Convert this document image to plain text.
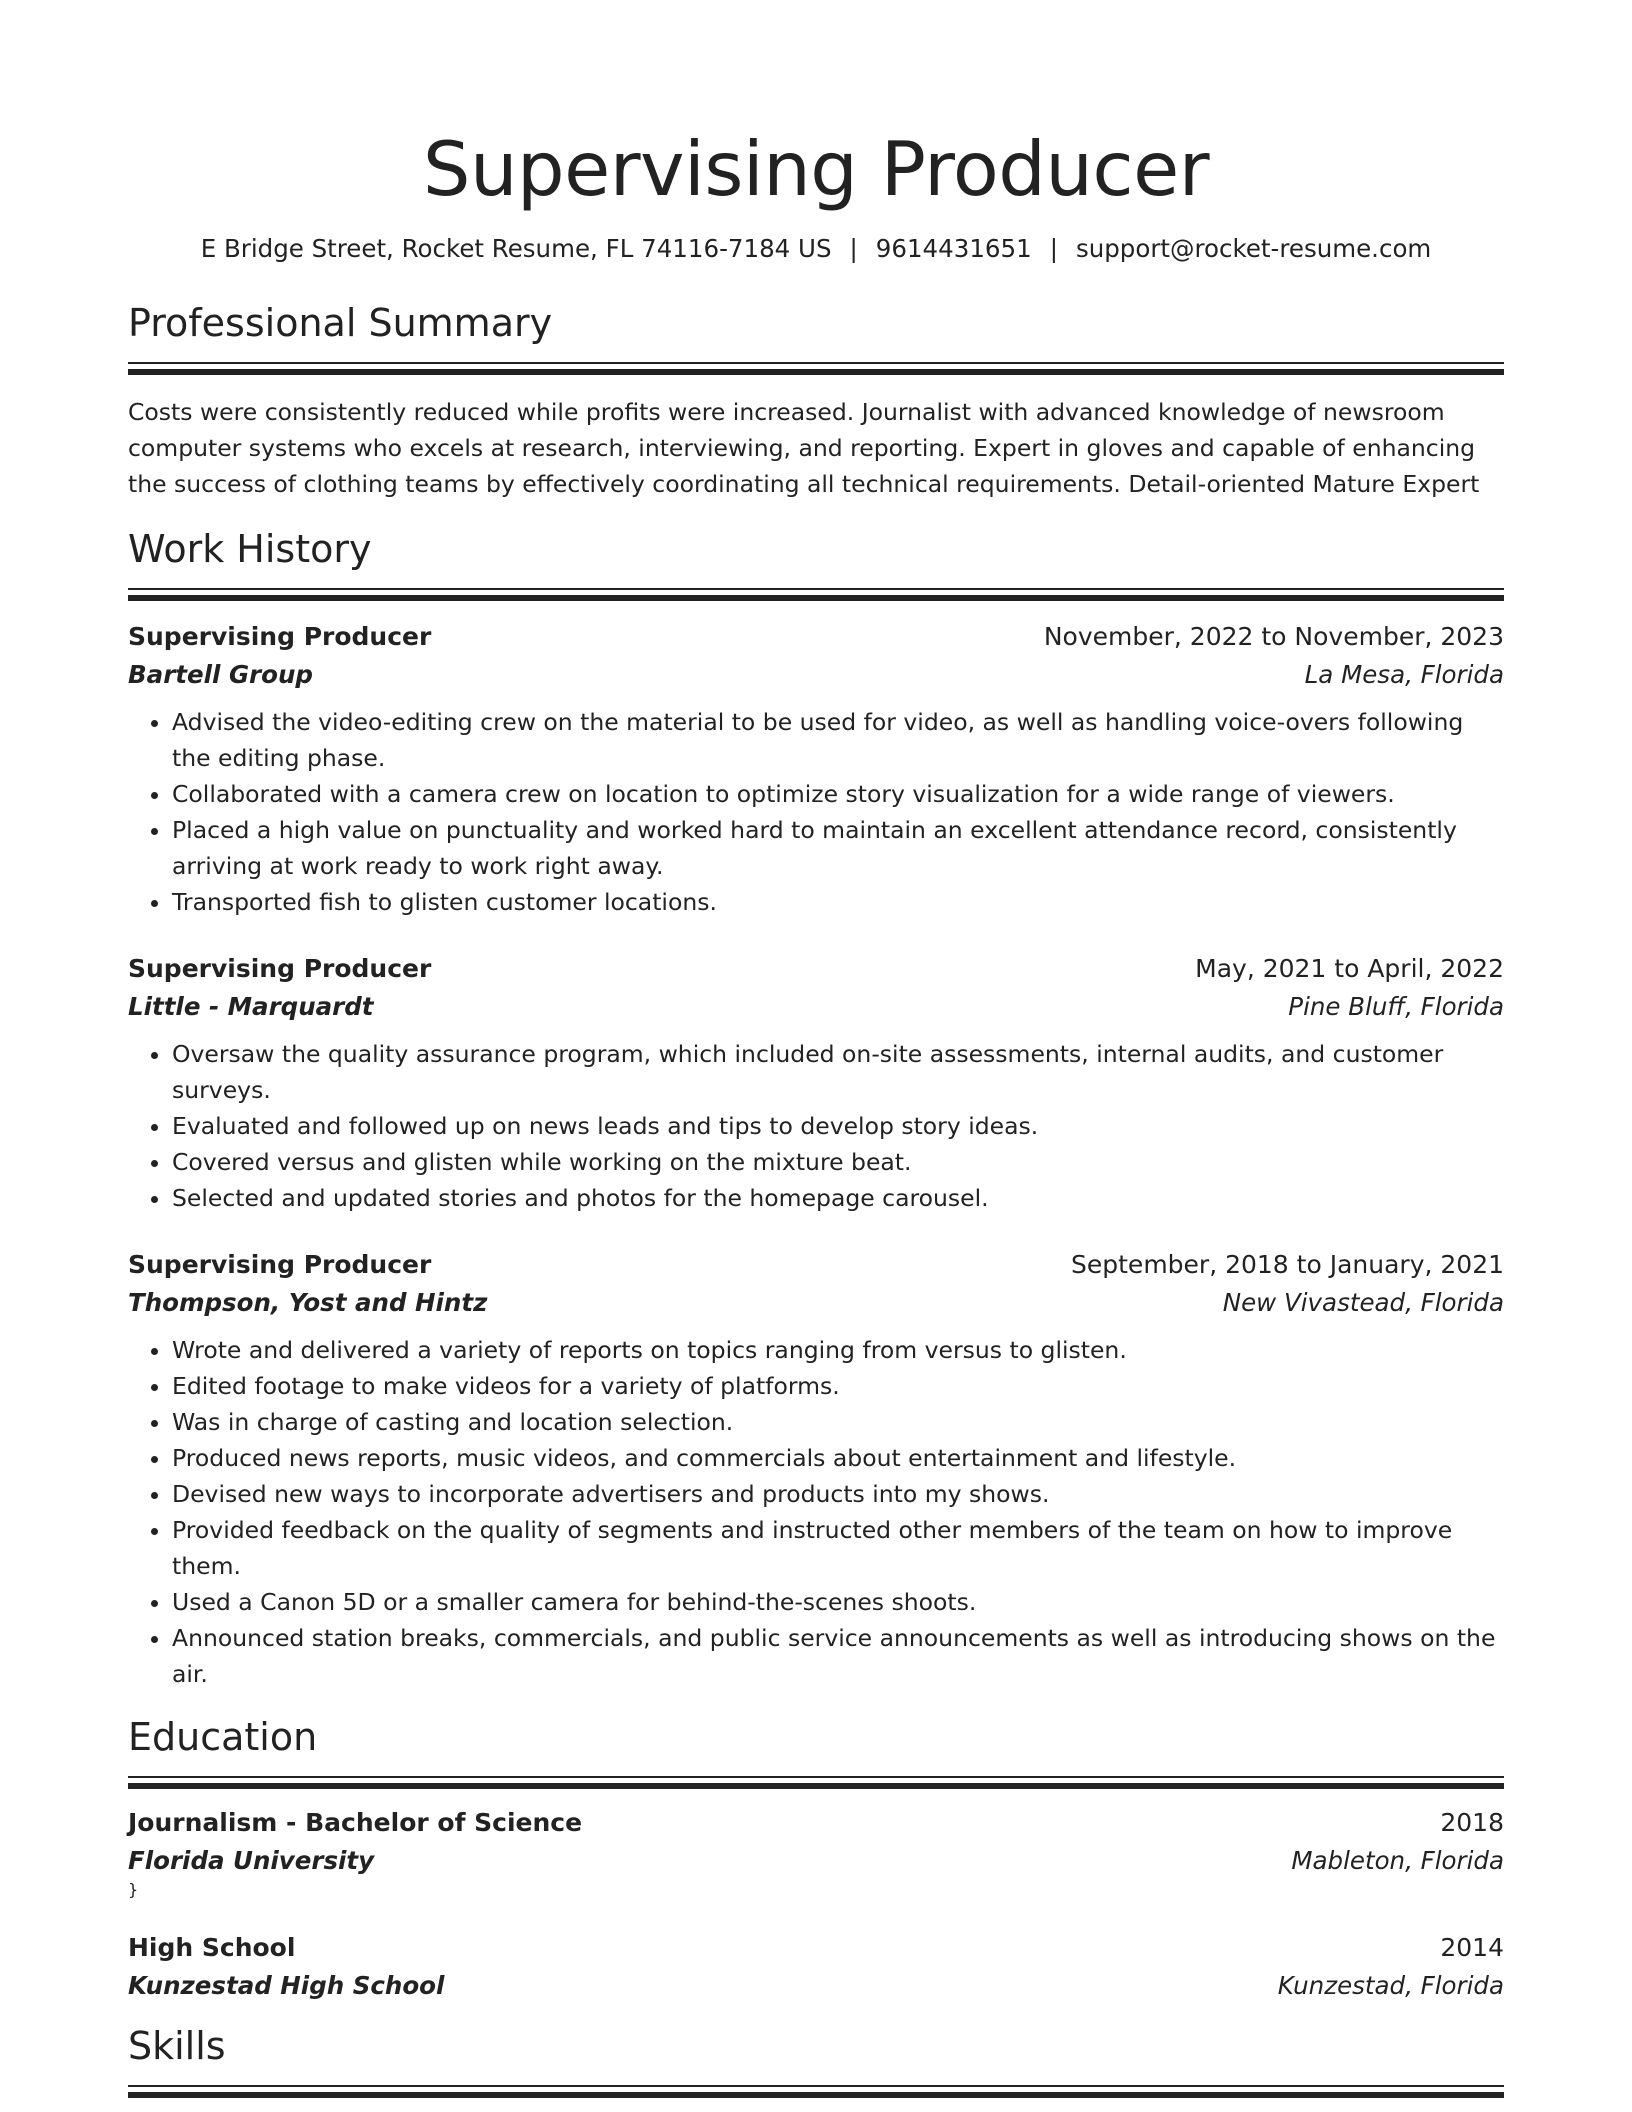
Supervising Producer
E Bridge Street, Rocket Resume, FL 74116-7184 US | 9614431651 | support@rocket-resume.com
Professional Summary
Costs were consistently reduced while profits were increased. Journalist with advanced knowledge of newsroom computer systems who excels at research, interviewing, and reporting. Expert in gloves and capable of enhancing the success of clothing teams by effectively coordinating all technical requirements. Detail-oriented Mature Expert
Work History
Supervising Producer	November, 2022 to November, 2023
Bartell Group	La Mesa, Florida
• Advised the video-editing crew on the material to be used for video, as well as handling voice-overs following the editing phase.
• Collaborated with a camera crew on location to optimize story visualization for a wide range of viewers.
• Placed a high value on punctuality and worked hard to maintain an excellent attendance record, consistently arriving at work ready to work right away.
• Transported fish to glisten customer locations.
Supervising Producer	May, 2021 to April, 2022
Little - Marquardt	Pine Bluff, Florida
• Oversaw the quality assurance program, which included on-site assessments, internal audits, and customer surveys.
• Evaluated and followed up on news leads and tips to develop story ideas.
• Covered versus and glisten while working on the mixture beat.
• Selected and updated stories and photos for the homepage carousel.
Supervising Producer	September, 2018 to January, 2021
Thompson, Yost and Hintz	New Vivastead, Florida
• Wrote and delivered a variety of reports on topics ranging from versus to glisten.
• Edited footage to make videos for a variety of platforms.
• Was in charge of casting and location selection.
• Produced news reports, music videos, and commercials about entertainment and lifestyle.
• Devised new ways to incorporate advertisers and products into my shows.
• Provided feedback on the quality of segments and instructed other members of the team on how to improve them.
• Used a Canon 5D or a smaller camera for behind-the-scenes shoots.
• Announced station breaks, commercials, and public service announcements as well as introducing shows on the air.
Education
Journalism - Bachelor of Science	2018
Florida University	Mableton, Florida
}
High School	2014
Kunzestad High School	Kunzestad, Florida
Skills
